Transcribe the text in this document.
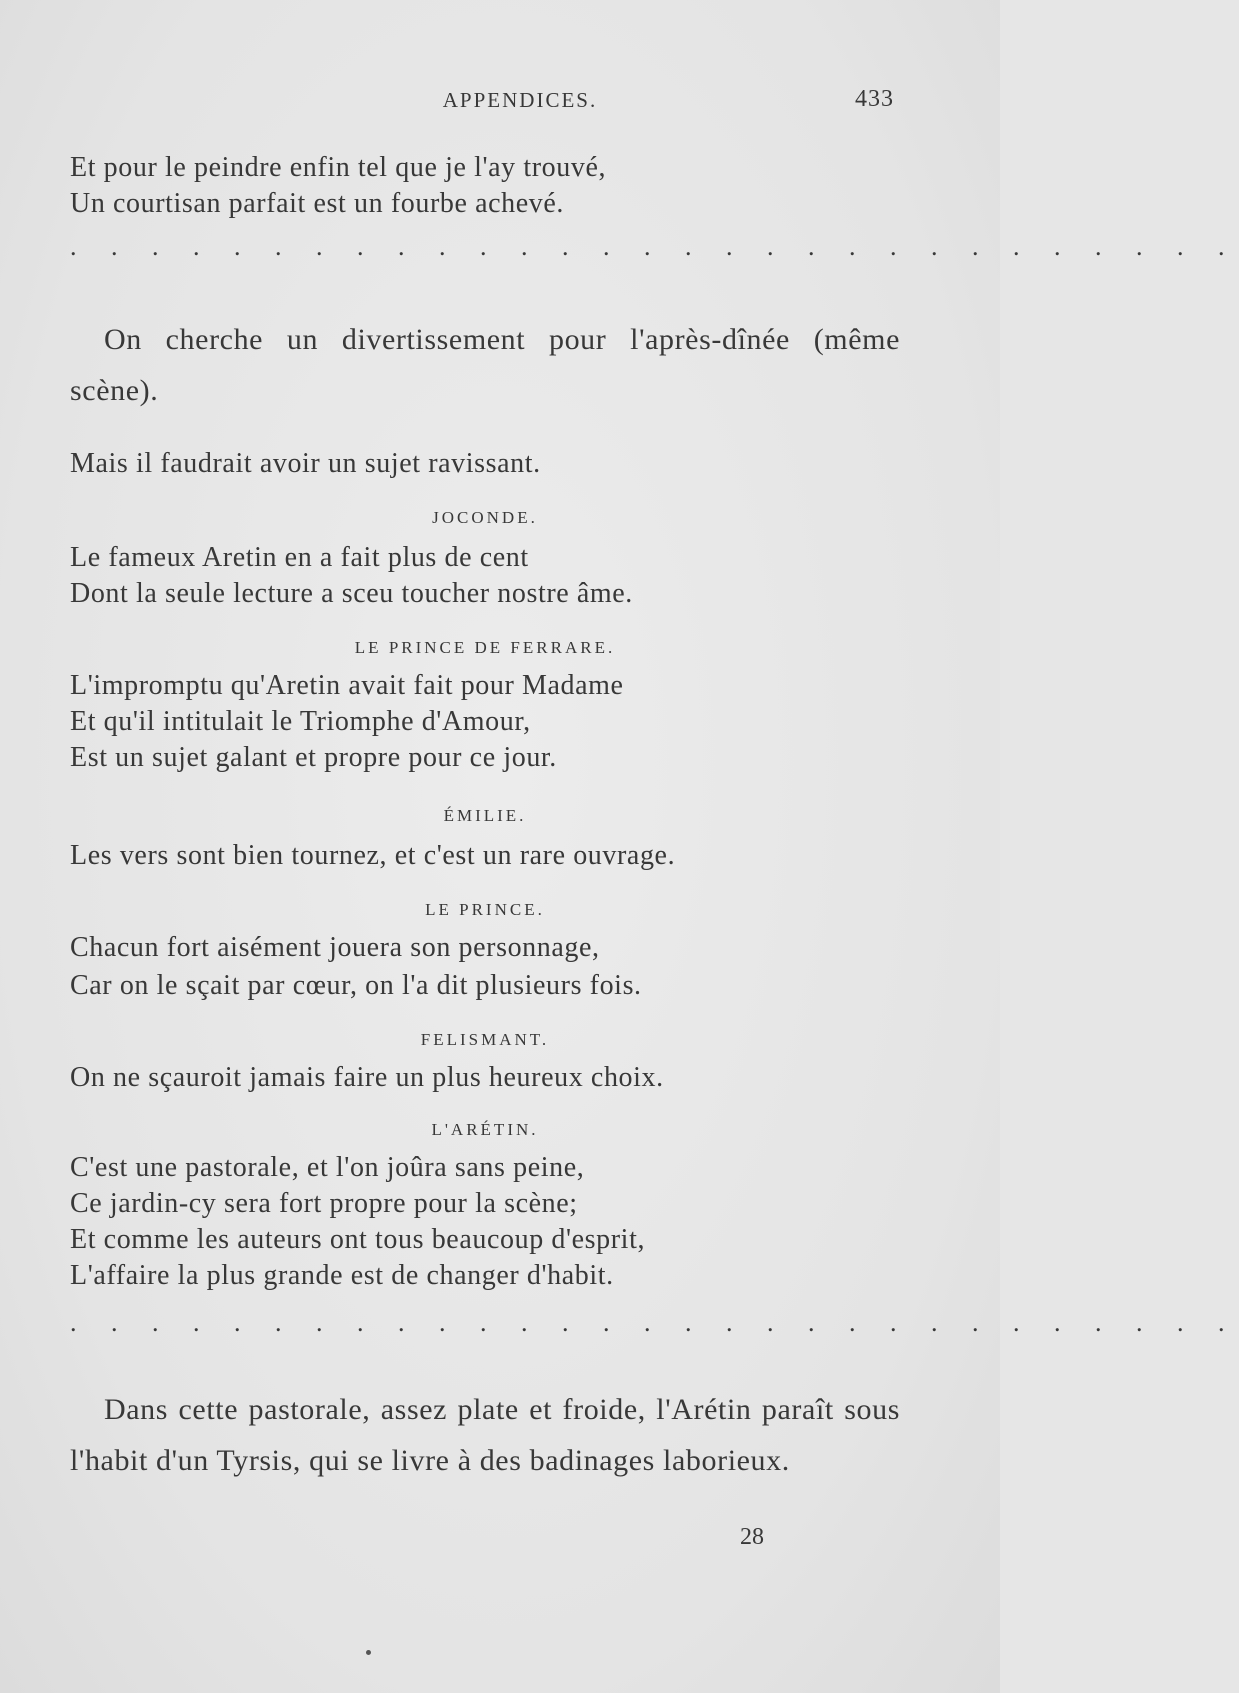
APPENDICES.	433
Et pour le peindre enfin tel que je l'ay trouvé,
Un courtisan parfait est un fourbe achevé.
. . . . . . . . . . . . . . . . . . . . . . . . . . . . .
On cherche un divertissement pour l'après-dînée (même scène).
Mais il faudrait avoir un sujet ravissant.
JOCONDE.
Le fameux Aretin en a fait plus de cent
Dont la seule lecture a sceu toucher nostre âme.
LE PRINCE DE FERRARE.
L'impromptu qu'Aretin avait fait pour Madame
Et qu'il intitulait le Triomphe d'Amour,
Est un sujet galant et propre pour ce jour.
ÉMILIE.
Les vers sont bien tournez, et c'est un rare ouvrage.
LE PRINCE.
Chacun fort aisément jouera son personnage,
Car on le sçait par cœur, on l'a dit plusieurs fois.
FELISMANT.
On ne sçauroit jamais faire un plus heureux choix.
L'ARÉTIN.
C'est une pastorale, et l'on joûra sans peine,
Ce jardin-cy sera fort propre pour la scène;
Et comme les auteurs ont tous beaucoup d'esprit,
L'affaire la plus grande est de changer d'habit.
. . . . . . . . . . . . . . . . . . . . . . . . . . . . .
Dans cette pastorale, assez plate et froide, l'Arétin paraît sous l'habit d'un Tyrsis, qui se livre à des badinages laborieux.
28
